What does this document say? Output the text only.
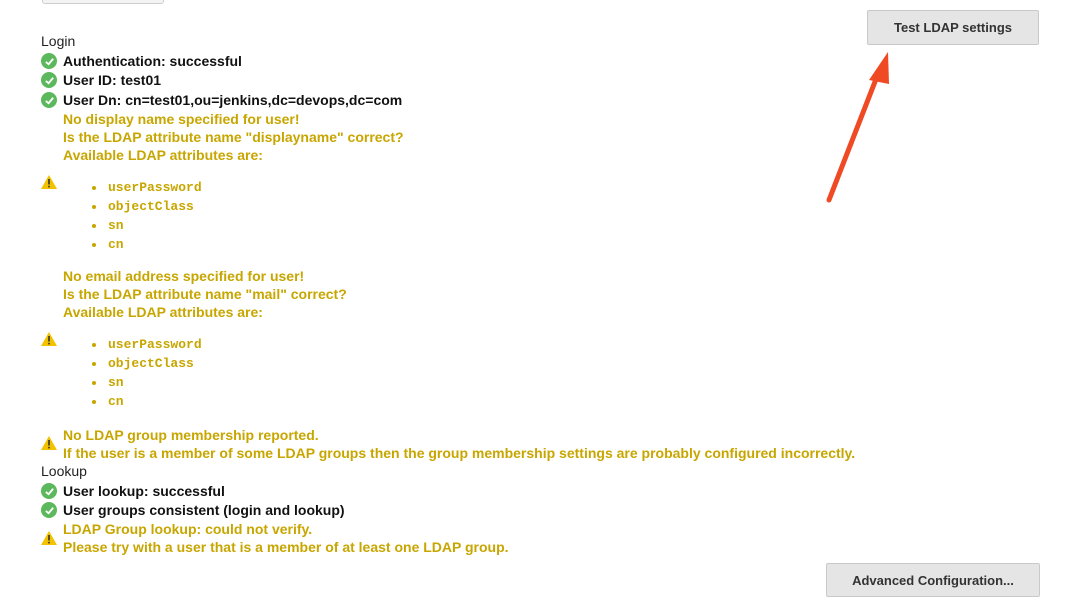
Test LDAP settings
Login
Authentication: successful
User ID: test01
User Dn: cn=test01,ou=jenkins,dc=devops,dc=com
No display name specified for user!
Is the LDAP attribute name "displayname" correct?
Available LDAP attributes are:
userPassword
objectClass
sn
cn
No email address specified for user!
Is the LDAP attribute name "mail" correct?
Available LDAP attributes are:
userPassword
objectClass
sn
cn
No LDAP group membership reported.
If the user is a member of some LDAP groups then the group membership settings are probably configured incorrectly.
Lookup
User lookup: successful
User groups consistent (login and lookup)
LDAP Group lookup: could not verify.
Please try with a user that is a member of at least one LDAP group.
Advanced Configuration...
